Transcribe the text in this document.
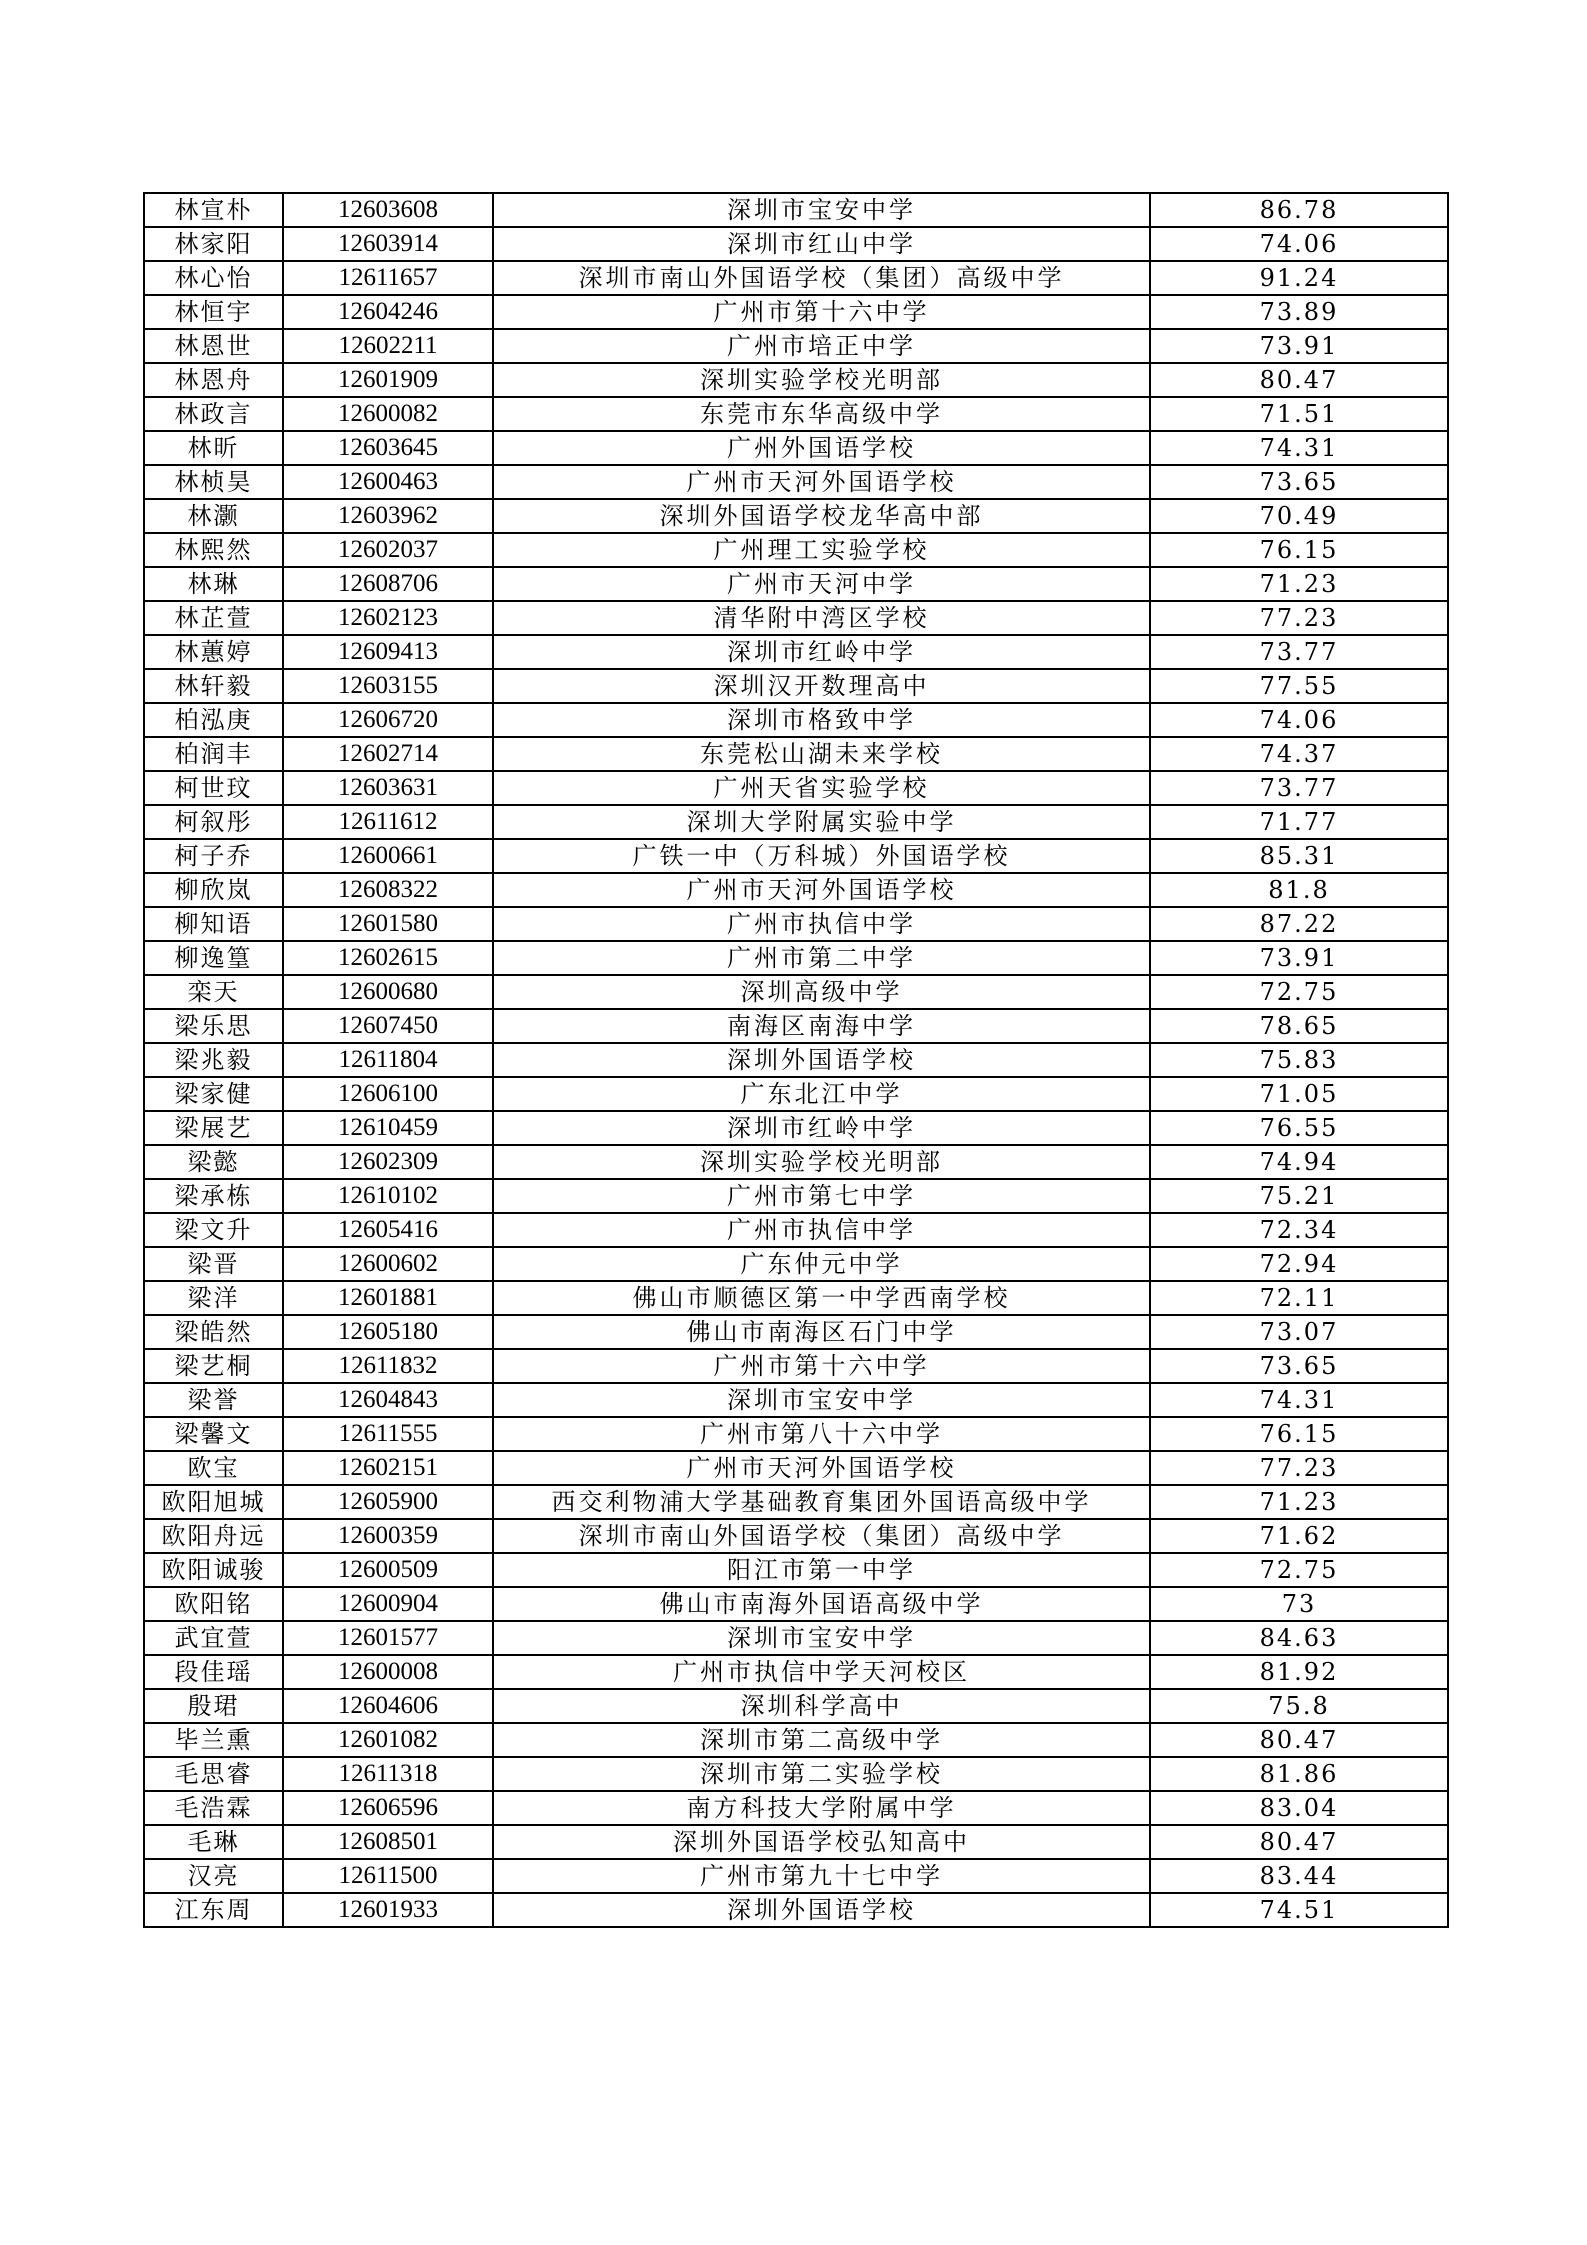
林宣朴	12603608	深圳市宝安中学	86.78
林家阳	12603914	深圳市红山中学	74.06
林心怡	12611657	深圳市南山外国语学校（集团）高级中学	91.24
林恒宇	12604246	广州市第十六中学	73.89
林恩世	12602211	广州市培正中学	73.91
林恩舟	12601909	深圳实验学校光明部	80.47
林政言	12600082	东莞市东华高级中学	71.51
林昕	12603645	广州外国语学校	74.31
林桢昊	12600463	广州市天河外国语学校	73.65
林灏	12603962	深圳外国语学校龙华高中部	70.49
林熙然	12602037	广州理工实验学校	76.15
林琳	12608706	广州市天河中学	71.23
林芷萱	12602123	清华附中湾区学校	77.23
林蕙婷	12609413	深圳市红岭中学	73.77
林轩毅	12603155	深圳汉开数理高中	77.55
柏泓庚	12606720	深圳市格致中学	74.06
柏润丰	12602714	东莞松山湖未来学校	74.37
柯世玟	12603631	广州天省实验学校	73.77
柯叙彤	12611612	深圳大学附属实验中学	71.77
柯子乔	12600661	广铁一中（万科城）外国语学校	85.31
柳欣岚	12608322	广州市天河外国语学校	81.8
柳知语	12601580	广州市执信中学	87.22
柳逸篁	12602615	广州市第二中学	73.91
栾天	12600680	深圳高级中学	72.75
梁乐思	12607450	南海区南海中学	78.65
梁兆毅	12611804	深圳外国语学校	75.83
梁家健	12606100	广东北江中学	71.05
梁展艺	12610459	深圳市红岭中学	76.55
梁懿	12602309	深圳实验学校光明部	74.94
梁承栋	12610102	广州市第七中学	75.21
梁文升	12605416	广州市执信中学	72.34
梁晋	12600602	广东仲元中学	72.94
梁洋	12601881	佛山市顺德区第一中学西南学校	72.11
梁皓然	12605180	佛山市南海区石门中学	73.07
梁艺桐	12611832	广州市第十六中学	73.65
梁誉	12604843	深圳市宝安中学	74.31
梁馨文	12611555	广州市第八十六中学	76.15
欧宝	12602151	广州市天河外国语学校	77.23
欧阳旭城	12605900	西交利物浦大学基础教育集团外国语高级中学	71.23
欧阳舟远	12600359	深圳市南山外国语学校（集团）高级中学	71.62
欧阳诚骏	12600509	阳江市第一中学	72.75
欧阳铭	12600904	佛山市南海外国语高级中学	73
武宜萱	12601577	深圳市宝安中学	84.63
段佳瑶	12600008	广州市执信中学天河校区	81.92
殷珺	12604606	深圳科学高中	75.8
毕兰熏	12601082	深圳市第二高级中学	80.47
毛思睿	12611318	深圳市第二实验学校	81.86
毛浩霖	12606596	南方科技大学附属中学	83.04
毛琳	12608501	深圳外国语学校弘知高中	80.47
汉亮	12611500	广州市第九十七中学	83.44
江东周	12601933	深圳外国语学校	74.51
